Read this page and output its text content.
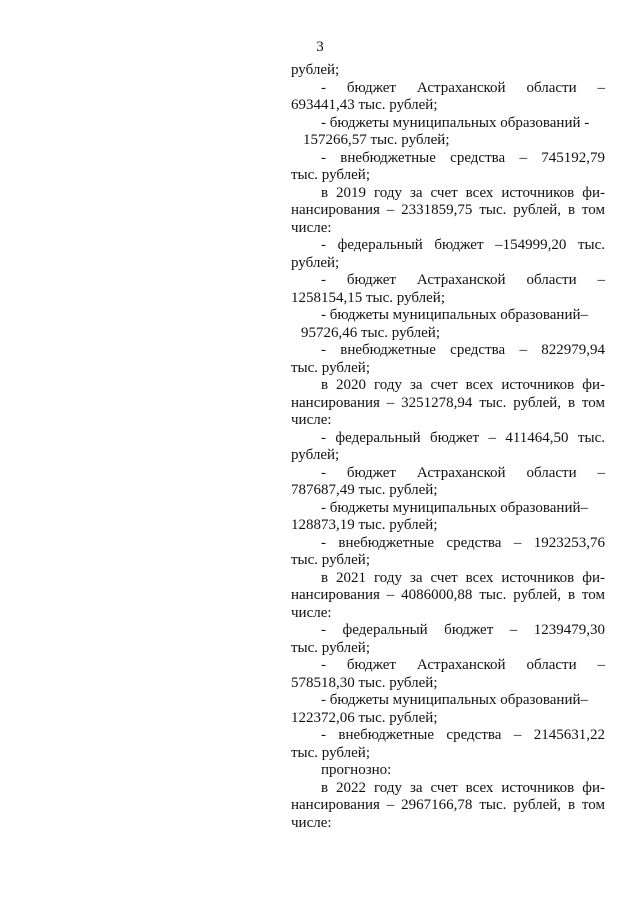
3
рублей;
- бюджет Астраханской области –
693441,43 тыс. рублей;
- бюджеты муниципальных образований -
157266,57 тыс. рублей;
- внебюджетные средства – 745192,79
тыс. рублей;
в 2019 году за счет всех источников фи-
нансирования – 2331859,75 тыс. рублей, в том
числе:
- федеральный бюджет –154999,20 тыс.
рублей;
- бюджет Астраханской области –
1258154,15 тыс. рублей;
- бюджеты муниципальных образований–
95726,46 тыс. рублей;
- внебюджетные средства – 822979,94
тыс. рублей;
в 2020 году за счет всех источников фи-
нансирования – 3251278,94 тыс. рублей, в том
числе:
- федеральный бюджет – 411464,50 тыс.
рублей;
- бюджет Астраханской области –
787687,49 тыс. рублей;
- бюджеты муниципальных образований–
128873,19 тыс. рублей;
- внебюджетные средства – 1923253,76
тыс. рублей;
в 2021 году за счет всех источников фи-
нансирования – 4086000,88 тыс. рублей, в том
числе:
- федеральный бюджет – 1239479,30
тыс. рублей;
- бюджет Астраханской области –
578518,30 тыс. рублей;
- бюджеты муниципальных образований–
122372,06 тыс. рублей;
- внебюджетные средства – 2145631,22
тыс. рублей;
прогнозно:
в 2022 году за счет всех источников фи-
нансирования – 2967166,78 тыс. рублей, в том
числе:
